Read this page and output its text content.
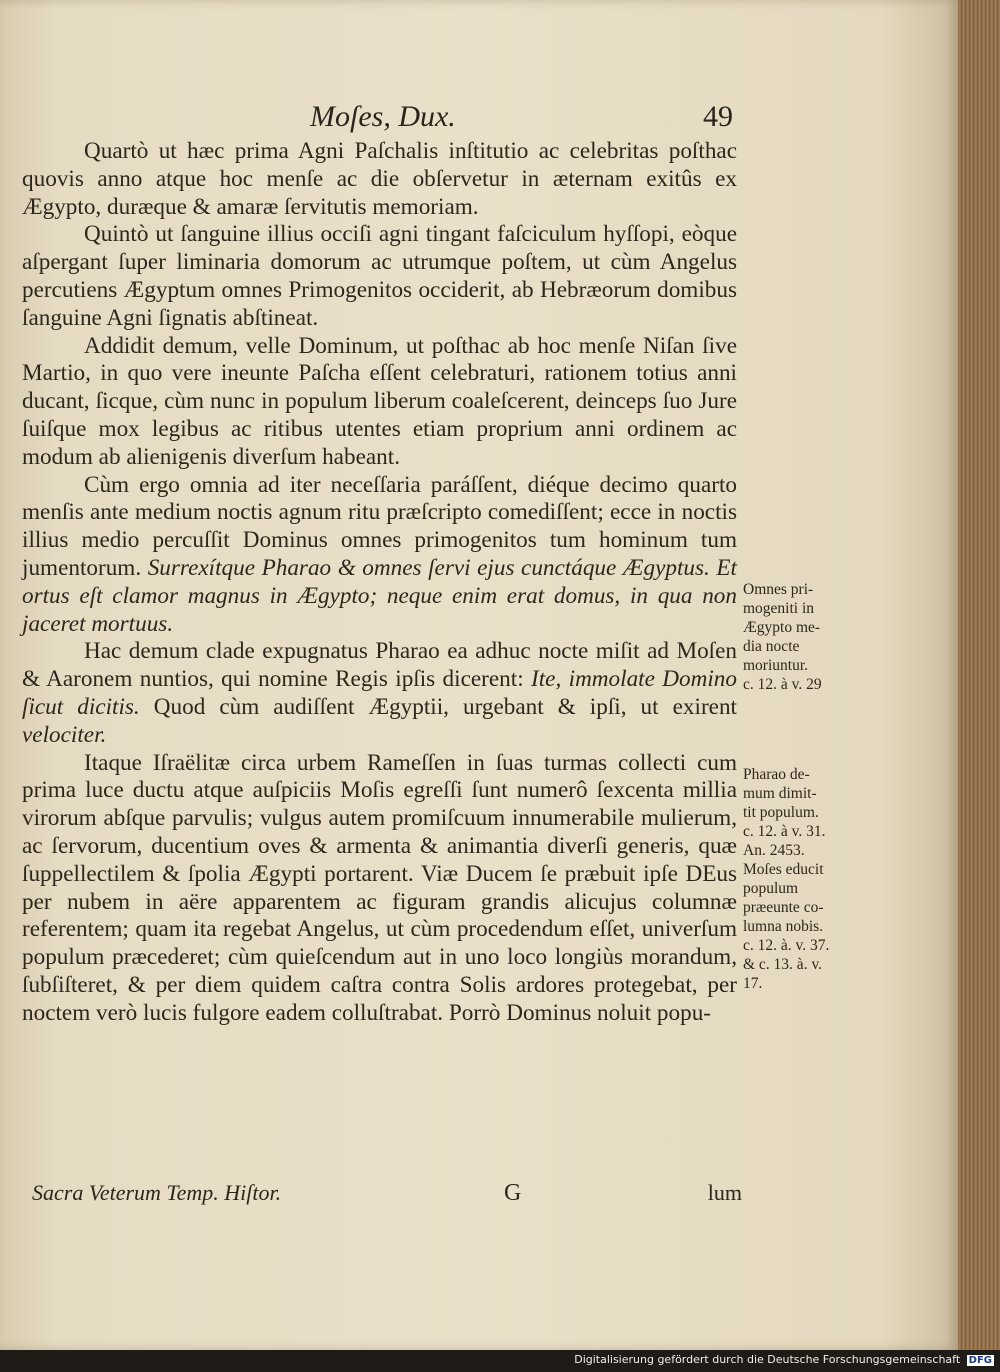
Moſes, Dux.	49

Quartò ut hæc prima Agni Paſchalis inſtitutio ac celebritas poſthac quovis anno atque hoc menſe ac die obſervetur in æternam exitûs ex Ægypto, duræque & amaræ ſervitutis memoriam.

Quintò ut ſanguine illius occiſi agni tingant faſciculum hyſſopi, eòque aſpergant ſuper liminaria domorum ac utrumque poſtem, ut cùm Angelus percutiens Ægyptum omnes Primogenitos occiderit, ab Hebræorum domibus ſanguine Agni ſignatis abſtineat.

Addidit demum, velle Dominum, ut poſthac ab hoc menſe Niſan ſive Martio, in quo vere ineunte Paſcha eſſent celebraturi, rationem totius anni ducant, ſicque, cùm nunc in populum liberum coaleſcerent, deinceps ſuo Jure ſuiſque mox legibus ac ritibus utentes etiam proprium anni ordinem ac modum ab alienigenis diverſum habeant.

Cùm ergo omnia ad iter neceſſaria paráſſent, diéque decimo quarto menſis ante medium noctis agnum ritu præſcripto comediſſent; ecce in noctis illius medio percuſſit Dominus omnes primogenitos tum hominum tum jumentorum. Surrexítque Pharao & omnes ſervi ejus cunctáque Ægyptus. Et ortus eſt clamor magnus in Ægypto; neque enim erat domus, in qua non jaceret mortuus.

Hac demum clade expugnatus Pharao ea adhuc nocte miſit ad Moſen & Aaronem nuntios, qui nomine Regis ipſis dicerent: Ite, immolate Domino ſicut dicitis. Quod cùm audiſſent Ægyptii, urgebant & ipſi, ut exirent velociter.

Itaque Iſraëlitæ circa urbem Rameſſen in ſuas turmas collecti cum prima luce ductu atque auſpiciis Moſis egreſſi ſunt numerô ſexcenta millia virorum abſque parvulis; vulgus autem promiſcuum innumerabile mulierum, ac ſervorum, ducentium oves & armenta & animantia diverſi generis, quæ ſuppellectilem & ſpolia Ægypti portarent. Viæ Ducem ſe præbuit ipſe DEus per nubem in aëre apparentem ac figuram grandis alicujus columnæ referentem; quam ita regebat Angelus, ut cùm procedendum eſſet, univerſum populum præcederet; cùm quieſcendum aut in uno loco longiùs morandum, ſubſiſteret, & per diem quidem caſtra contra Solis ardores protegebat, per noctem verò lucis fulgore eadem colluſtrabat. Porrò Dominus noluit popu-

Omnes pri-
mogeniti in
Ægypto me-
dia nocte
moriuntur.
c. 12. à v. 29
Pharao de-
mum dimit-
tit populum.
c. 12. à v. 31.
An. 2453.
Moſes educit
populum
præeunte co-
lumna nobis.
c. 12. à. v. 37.
& c. 13. à. v.
17.
Sacra Veterum Temp. Hiſtor.	G	lum
Digitalisierung gefördert durch die Deutsche Forschungsgemeinschaft DFG
